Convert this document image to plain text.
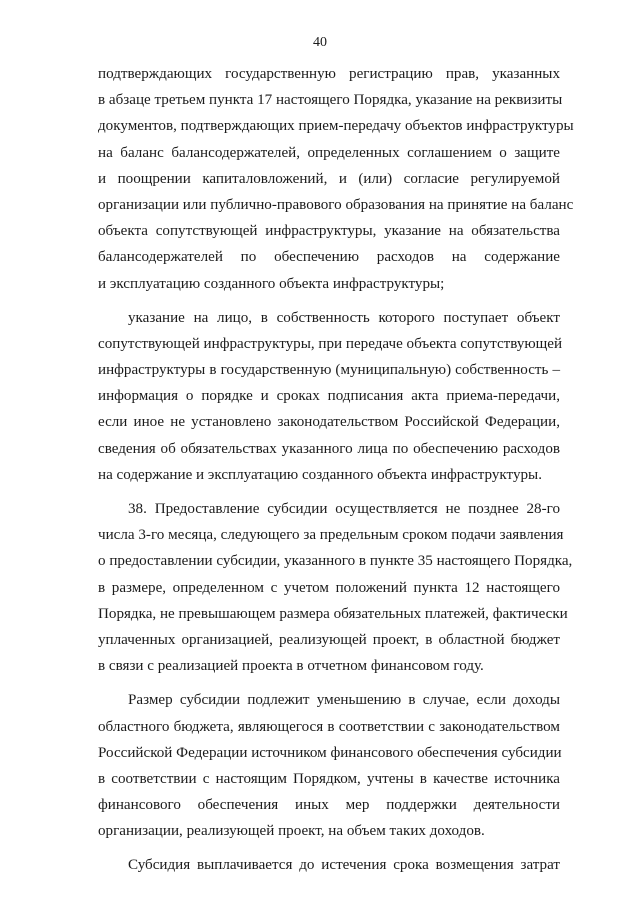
40
подтверждающих государственную регистрацию прав, указанных
в абзаце третьем пункта 17 настоящего Порядка, указание на реквизиты
документов, подтверждающих прием-передачу объектов инфраструктуры
на баланс балансодержателей, определенных соглашением о защите
и поощрении капиталовложений, и (или) согласие регулируемой
организации или публично-правового образования на принятие на баланс
объекта сопутствующей инфраструктуры, указание на обязательства
балансодержателей по обеспечению расходов на содержание
и эксплуатацию созданного объекта инфраструктуры;
указание на лицо, в собственность которого поступает объект
сопутствующей инфраструктуры, при передаче объекта сопутствующей
инфраструктуры в государственную (муниципальную) собственность –
информация о порядке и сроках подписания акта приема-передачи,
если иное не установлено законодательством Российской Федерации,
сведения об обязательствах указанного лица по обеспечению расходов
на содержание и эксплуатацию созданного объекта инфраструктуры.
38. Предоставление субсидии осуществляется не позднее 28-го
числа 3-го месяца, следующего за предельным сроком подачи заявления
о предоставлении субсидии, указанного в пункте 35 настоящего Порядка,
в размере, определенном с учетом положений пункта 12 настоящего
Порядка, не превышающем размера обязательных платежей, фактически
уплаченных организацией, реализующей проект, в областной бюджет
в связи с реализацией проекта в отчетном финансовом году.
Размер субсидии подлежит уменьшению в случае, если доходы
областного бюджета, являющегося в соответствии с законодательством
Российской Федерации источником финансового обеспечения субсидии
в соответствии с настоящим Порядком, учтены в качестве источника
финансового обеспечения иных мер поддержки деятельности
организации, реализующей проект, на объем таких доходов.
Субсидия выплачивается до истечения срока возмещения затрат
